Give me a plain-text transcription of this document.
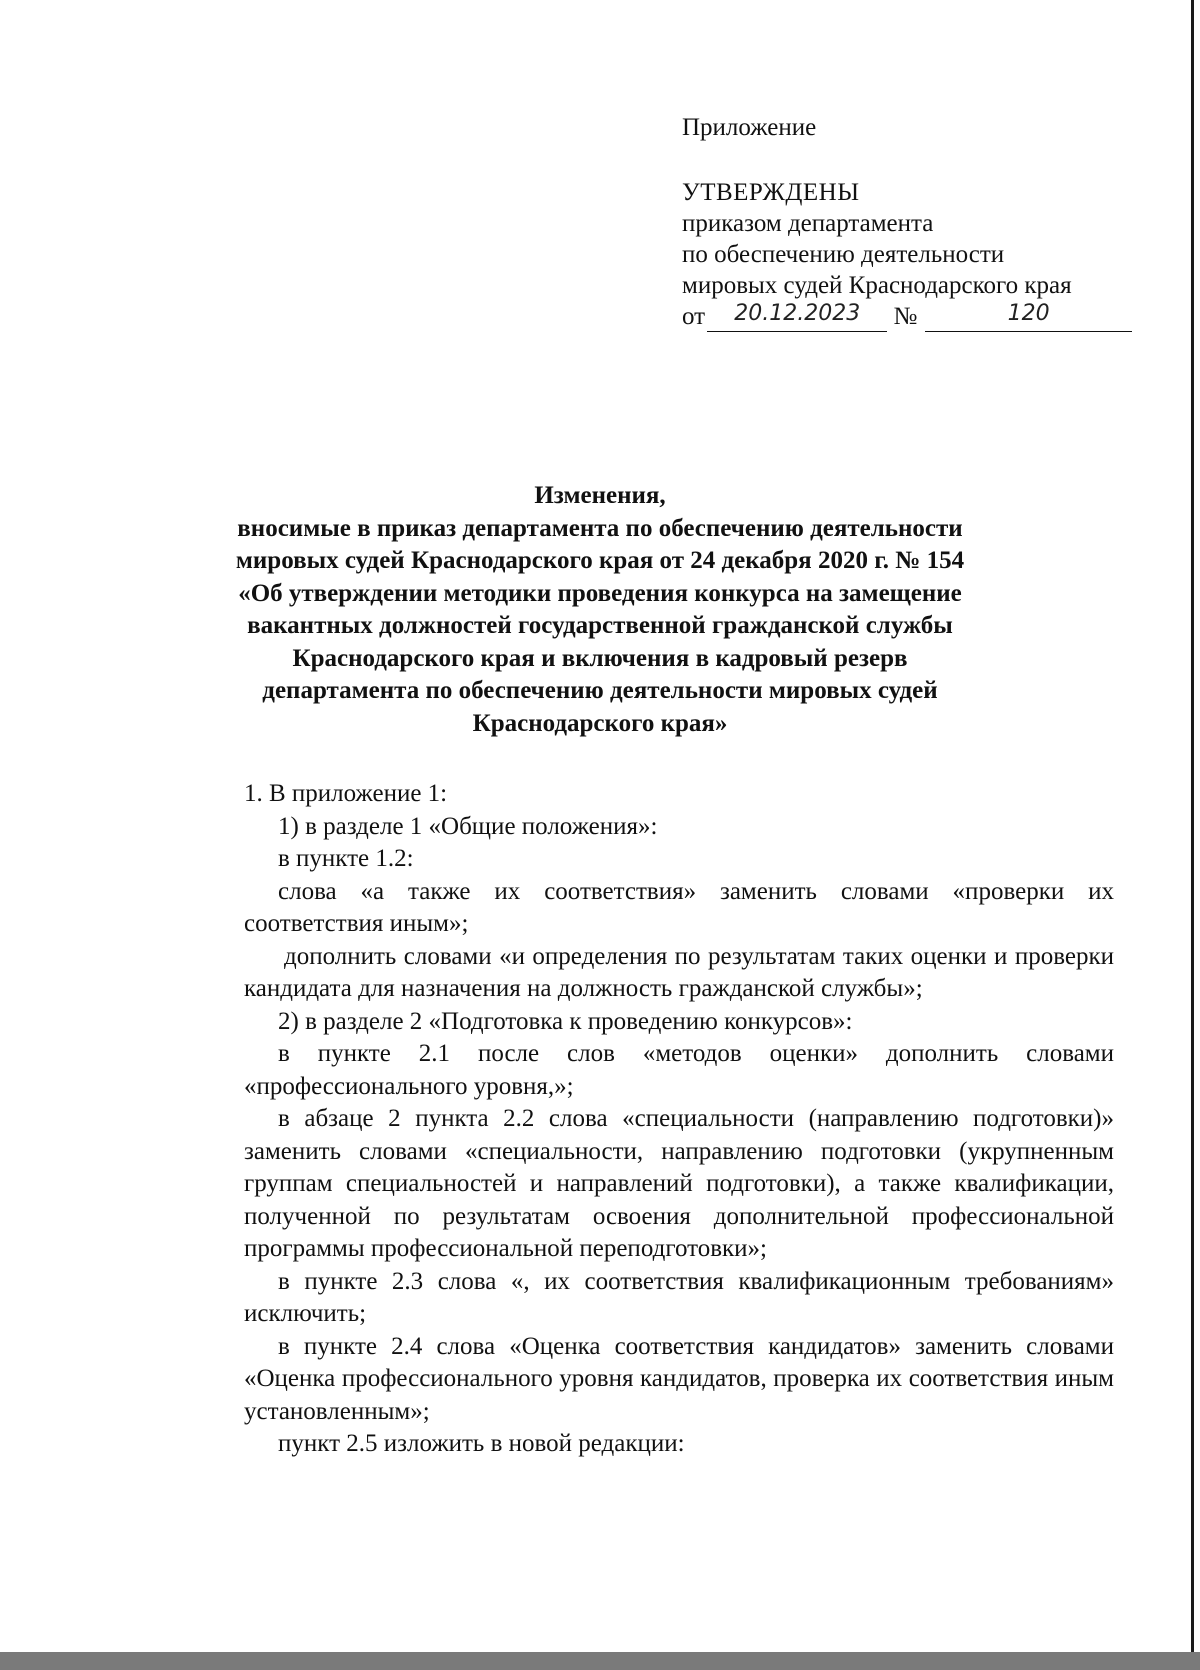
Приложение
УТВЕРЖДЕНЫ
приказом департамента
по обеспечению деятельности
мировых судей Краснодарского края
от	20.12.2023	№	120
Изменения,
вносимые в приказ департамента по обеспечению деятельности
мировых судей Краснодарского края от 24 декабря 2020 г. № 154
«Об утверждении методики проведения конкурса на замещение
вакантных должностей государственной гражданской службы
Краснодарского края и включения в кадровый резерв
департамента по обеспечению деятельности мировых судей
Краснодарского края»

1. В приложение 1:

1) в разделе 1 «Общие положения»:

в пункте 1.2:

слова «а также их соответствия» заменить словами «проверки их соответствия иным»;

дополнить словами «и определения по результатам таких оценки и проверки кандидата для назначения на должность гражданской службы»;

2) в разделе 2 «Подготовка к проведению конкурсов»:

в пункте 2.1 после слов «методов оценки» дополнить словами «профессионального уровня,»;

в абзаце 2 пункта 2.2 слова «специальности (направлению подготовки)» заменить словами «специальности, направлению подготовки (укрупненным группам специальностей и направлений подготовки), а также квалификации, полученной по результатам освоения дополнительной профессиональной программы профессиональной переподготовки»;

в пункте 2.3 слова «, их соответствия квалификационным требованиям» исключить;

в пункте 2.4 слова «Оценка соответствия кандидатов» заменить словами «Оценка профессионального уровня кандидатов, проверка их соответствия иным установленным»;

пункт 2.5 изложить в новой редакции:
